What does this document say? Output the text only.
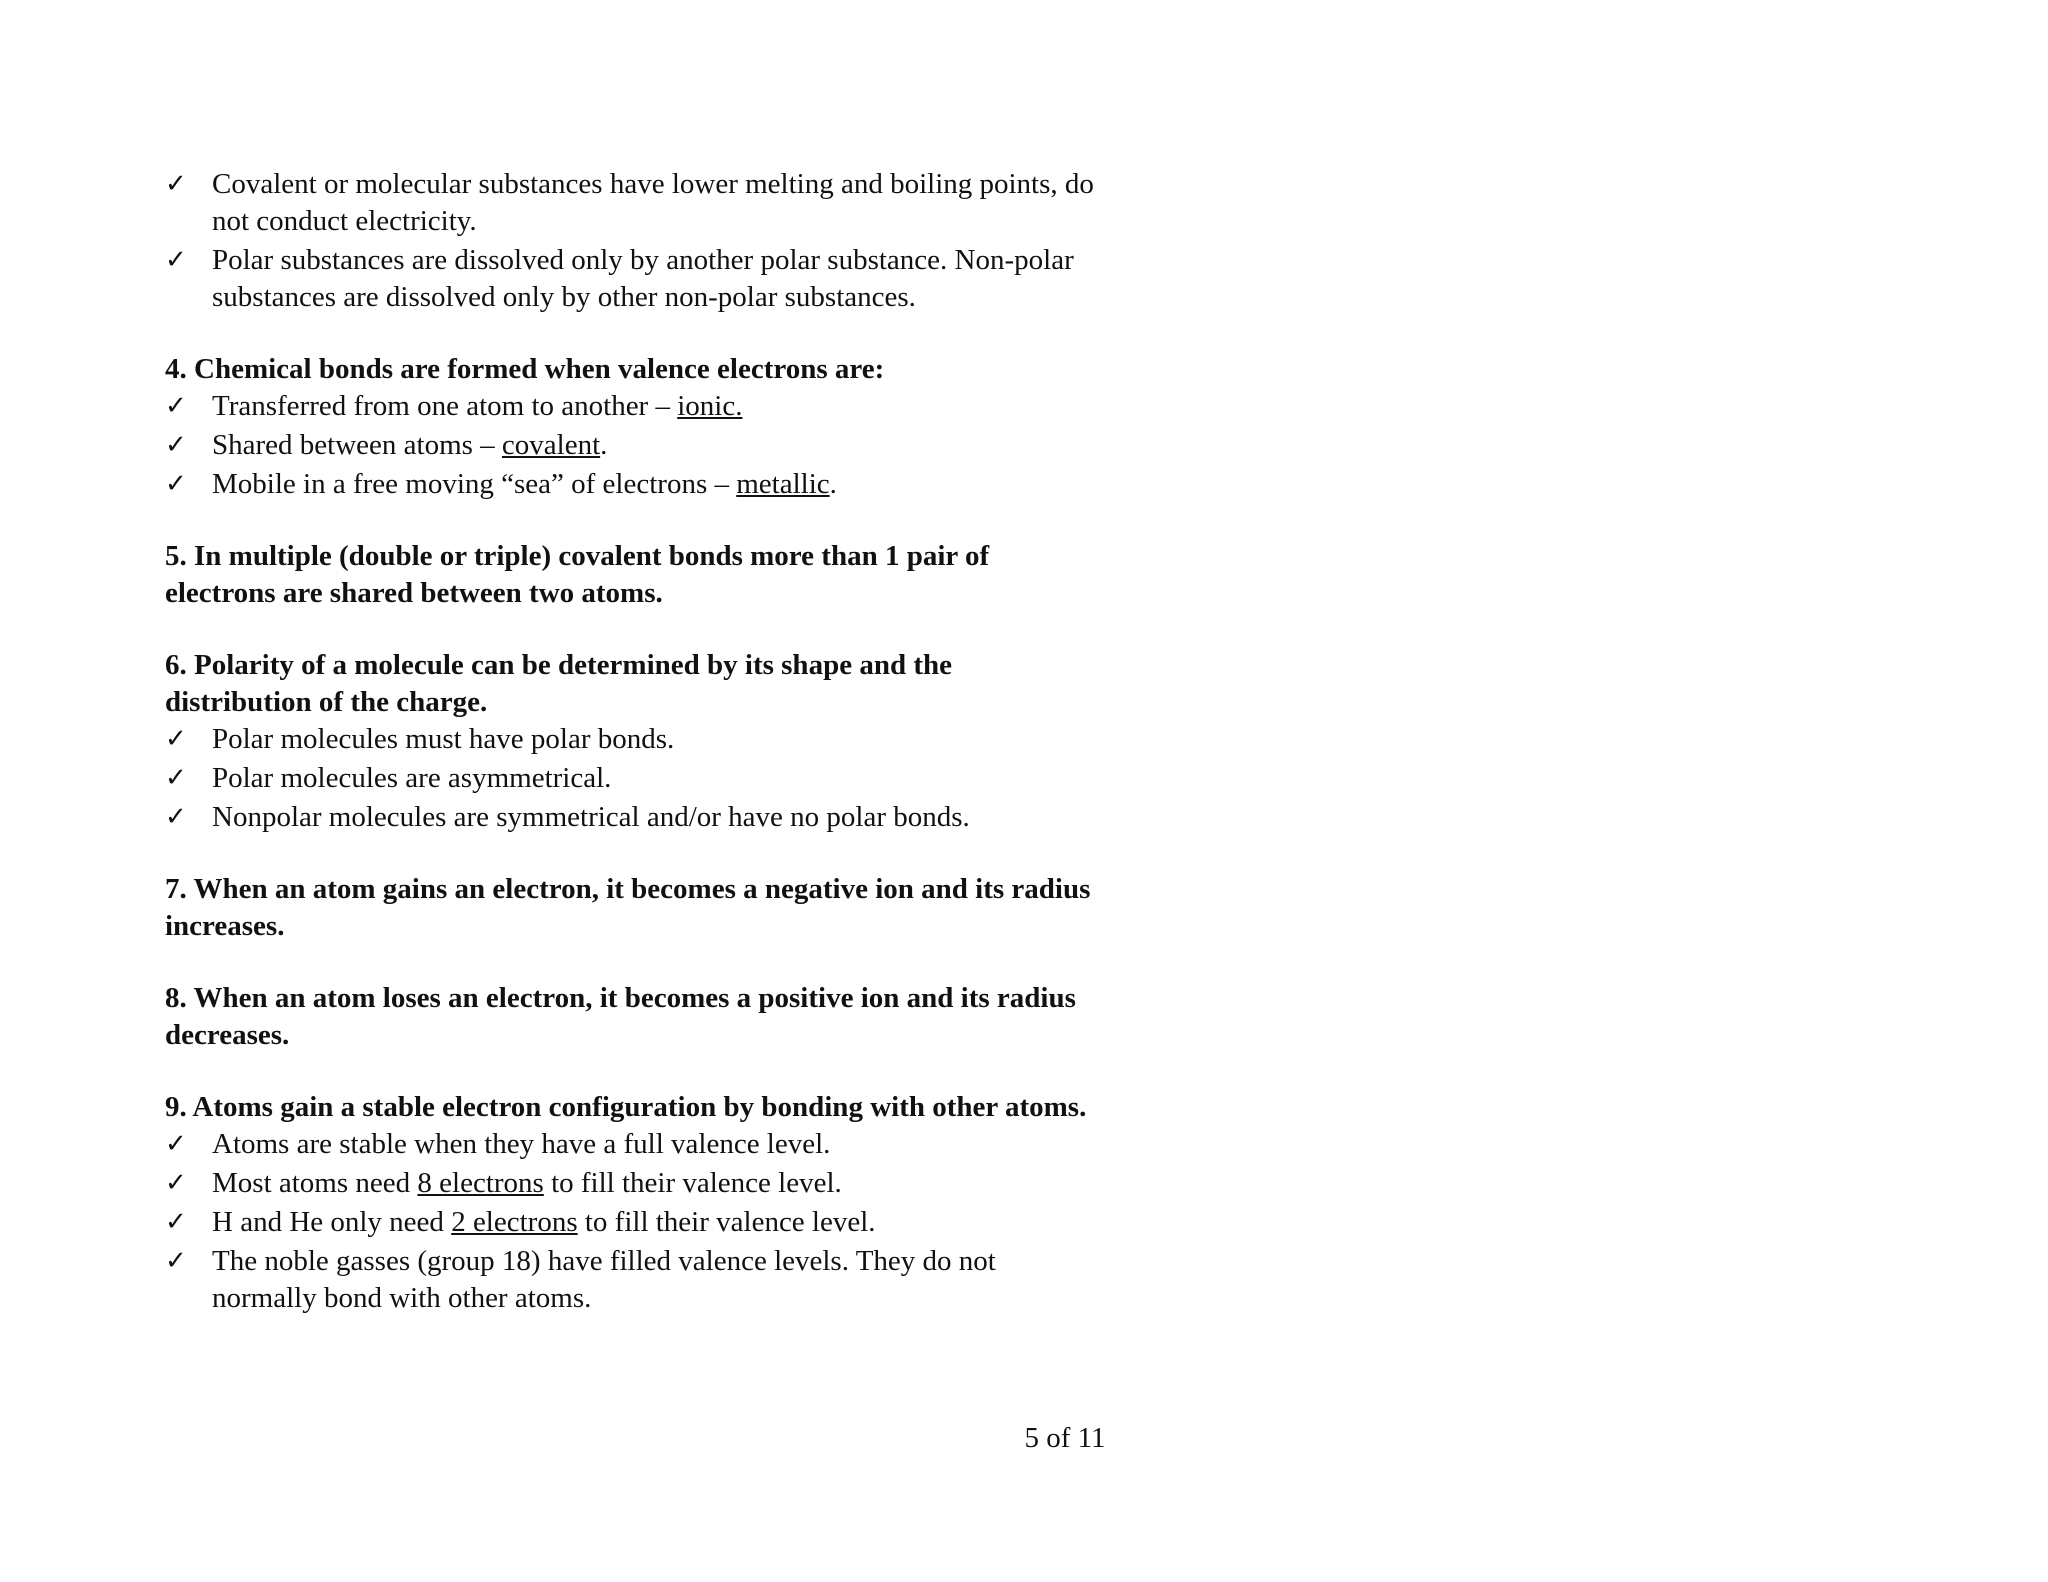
✓ Covalent or molecular substances have lower melting and boiling points, do not conduct electricity.
✓ Polar substances are dissolved only by another polar substance. Non-polar substances are dissolved only by other non-polar substances.

4. Chemical bonds are formed when valence electrons are:

✓ Transferred from one atom to another – ionic.
✓ Shared between atoms – covalent.
✓ Mobile in a free moving “sea” of electrons – metallic.

5. In multiple (double or triple) covalent bonds more than 1 pair of electrons are shared between two atoms.

6. Polarity of a molecule can be determined by its shape and the distribution of the charge.

✓ Polar molecules must have polar bonds.
✓ Polar molecules are asymmetrical.
✓ Nonpolar molecules are symmetrical and/or have no polar bonds.

7. When an atom gains an electron, it becomes a negative ion and its radius increases.

8. When an atom loses an electron, it becomes a positive ion and its radius decreases.

9. Atoms gain a stable electron configuration by bonding with other atoms.

✓ Atoms are stable when they have a full valence level.
✓ Most atoms need 8 electrons to fill their valence level.
✓ H and He only need 2 electrons to fill their valence level.
✓ The noble gasses (group 18) have filled valence levels. They do not normally bond with other atoms.
5 of 11
